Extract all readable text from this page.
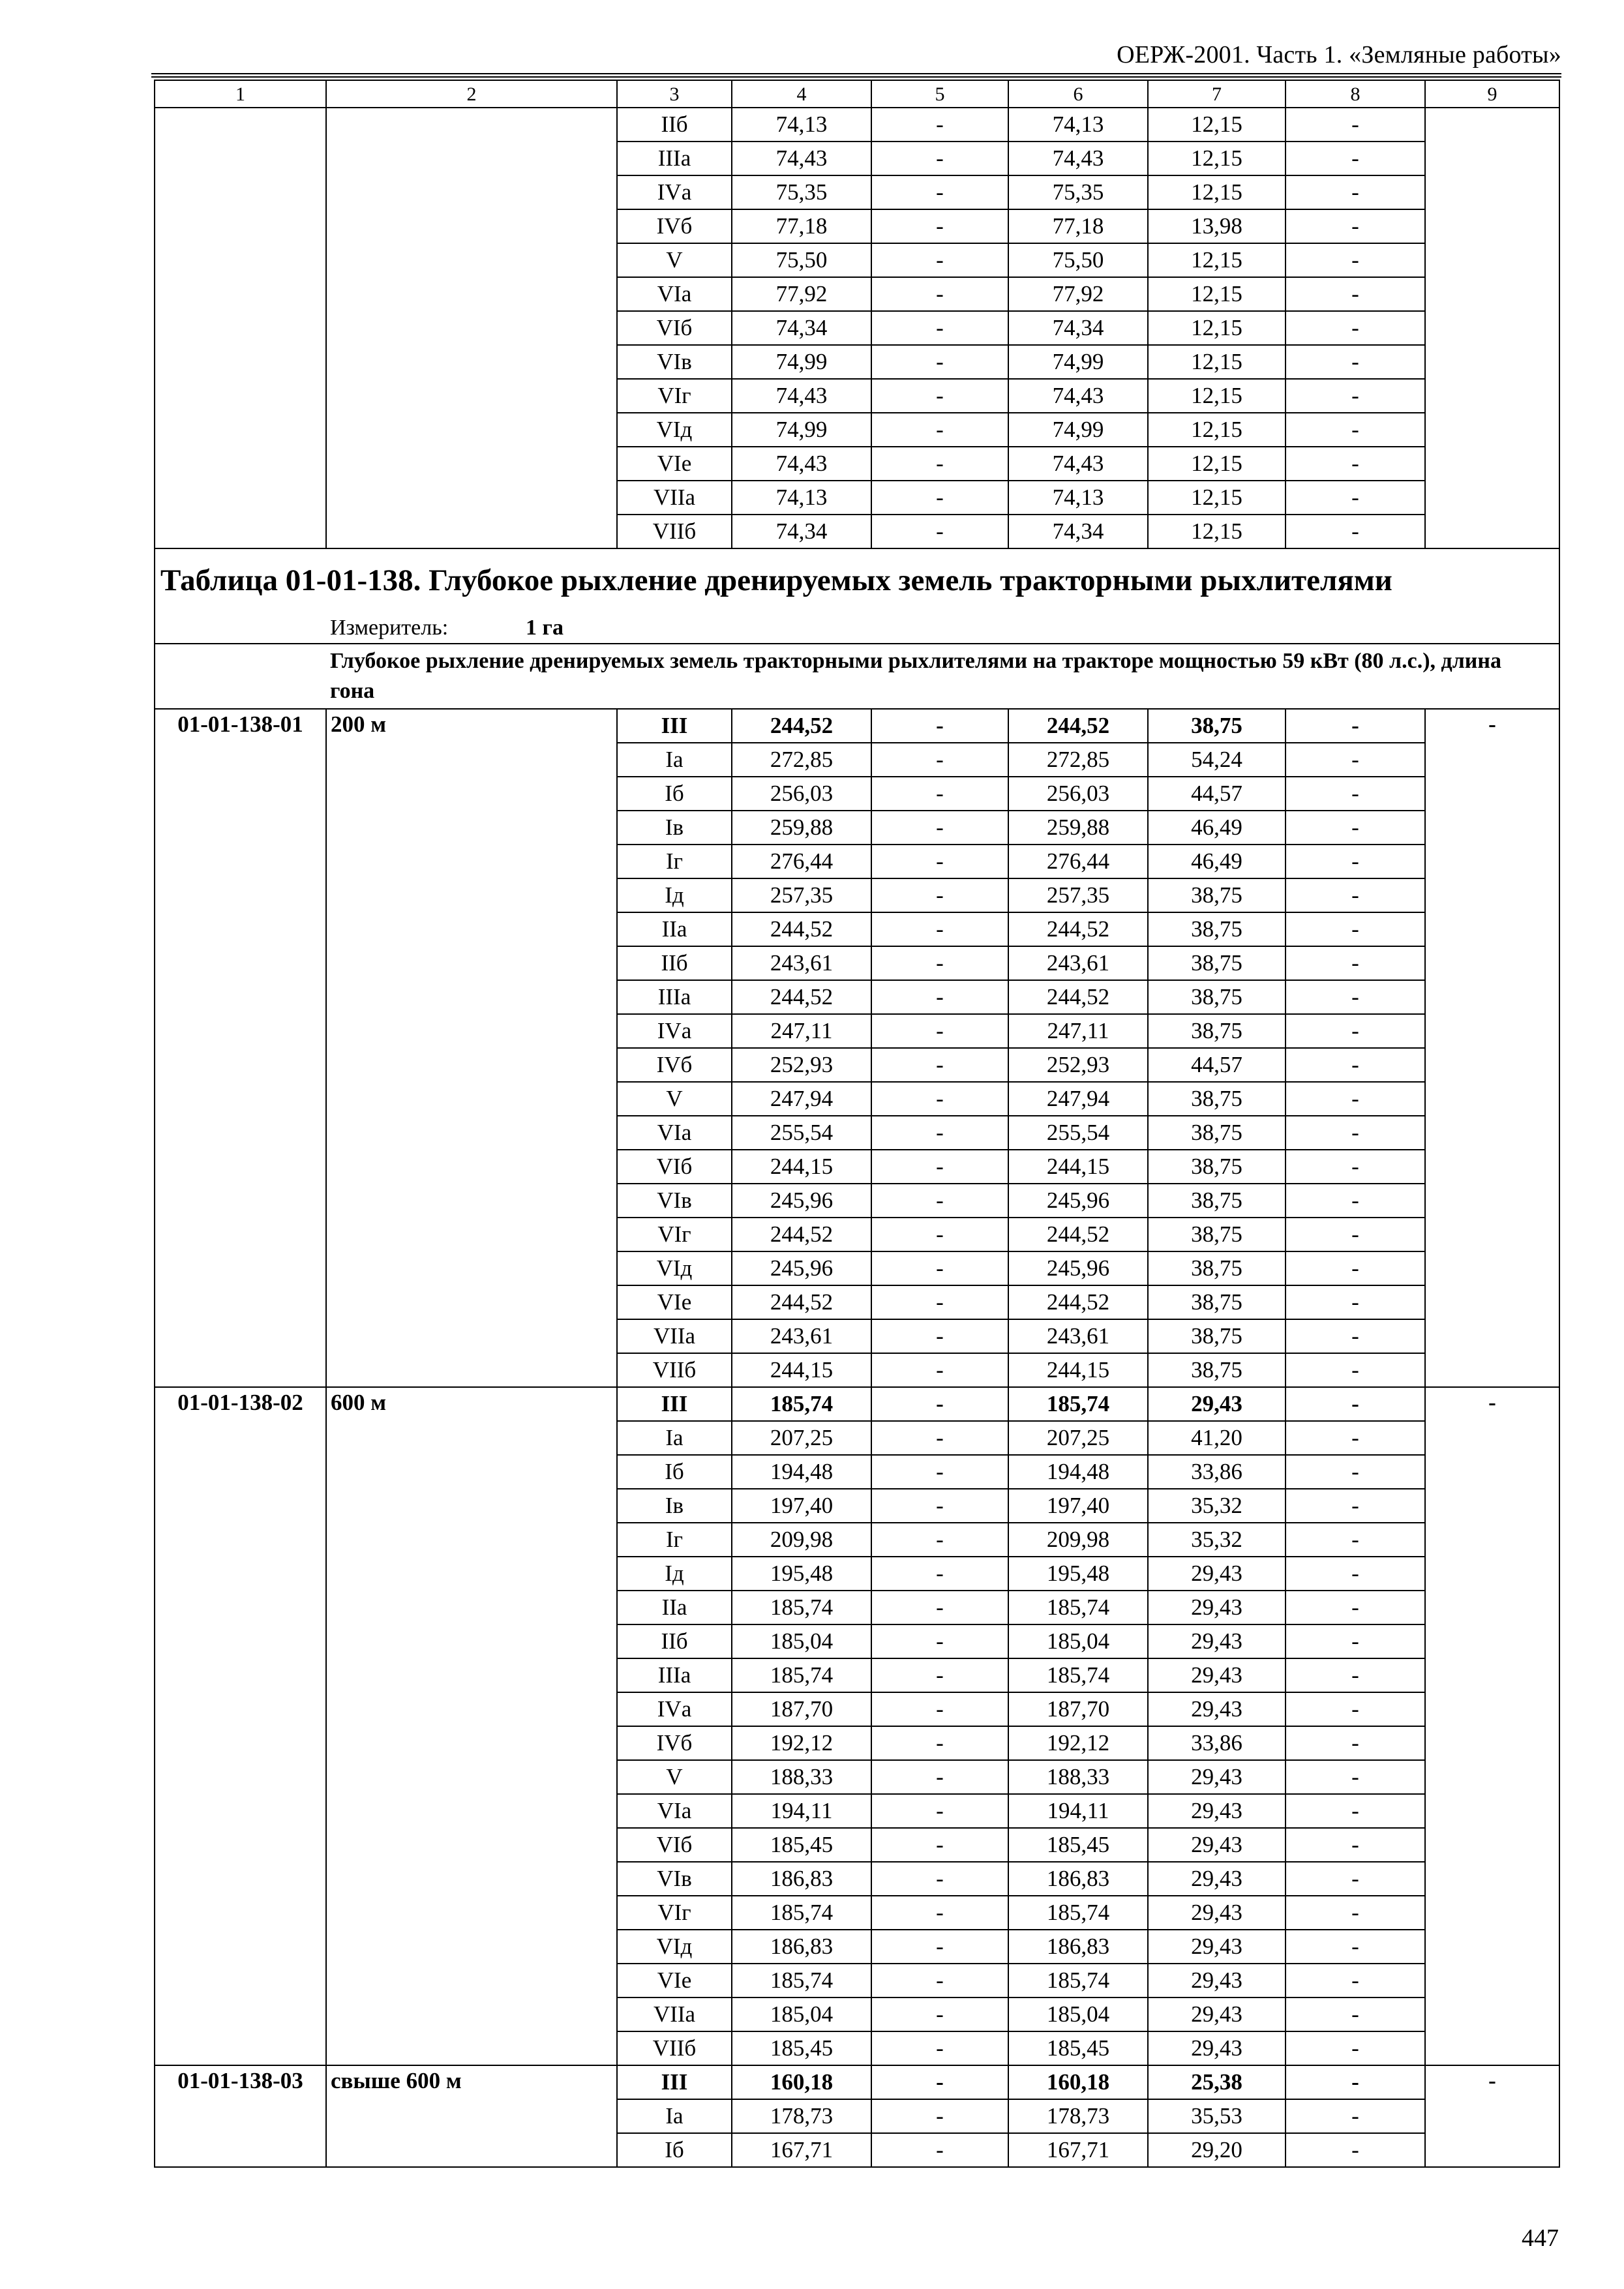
ОЕРЖ-2001. Часть 1. «Земляные работы»
1	2	3	4	5	6	7	8	9
		IIб	74,13	-	74,13	12,15	-	
		IIIа	74,43	-	74,43	12,15	-	
		IVа	75,35	-	75,35	12,15	-	
		IVб	77,18	-	77,18	13,98	-	
		V	75,50	-	75,50	12,15	-	
		VIа	77,92	-	77,92	12,15	-	
		VIб	74,34	-	74,34	12,15	-	
		VIв	74,99	-	74,99	12,15	-	
		VIг	74,43	-	74,43	12,15	-	
		VIд	74,99	-	74,99	12,15	-	
		VIе	74,43	-	74,43	12,15	-	
		VIIа	74,13	-	74,13	12,15	-	
		VIIб	74,34	-	74,34	12,15	-	
Таблица 01-01-138. Глубокое рыхление дренируемых земель тракторными рыхлителями								
Измеритель: 1 га								

Глубокое рыхление дренируемых земель тракторными рыхлителями на тракторе мощностью 59 кВт (80 л.с.), длина гона								

01-01-138-01	200 м	III	244,52	-	244,52	38,75	-	-
		Iа	272,85	-	272,85	54,24	-	
		Iб	256,03	-	256,03	44,57	-	
		Iв	259,88	-	259,88	46,49	-	
		Iг	276,44	-	276,44	46,49	-	
		Iд	257,35	-	257,35	38,75	-	
		IIа	244,52	-	244,52	38,75	-	
		IIб	243,61	-	243,61	38,75	-	
		IIIа	244,52	-	244,52	38,75	-	
		IVа	247,11	-	247,11	38,75	-	
		IVб	252,93	-	252,93	44,57	-	
		V	247,94	-	247,94	38,75	-	
		VIа	255,54	-	255,54	38,75	-	
		VIб	244,15	-	244,15	38,75	-	
		VIв	245,96	-	245,96	38,75	-	
		VIг	244,52	-	244,52	38,75	-	
		VIд	245,96	-	245,96	38,75	-	
		VIе	244,52	-	244,52	38,75	-	
		VIIа	243,61	-	243,61	38,75	-	
		VIIб	244,15	-	244,15	38,75	-	
01-01-138-02	600 м	III	185,74	-	185,74	29,43	-	-
		Iа	207,25	-	207,25	41,20	-	
		Iб	194,48	-	194,48	33,86	-	
		Iв	197,40	-	197,40	35,32	-	
		Iг	209,98	-	209,98	35,32	-	
		Iд	195,48	-	195,48	29,43	-	
		IIа	185,74	-	185,74	29,43	-	
		IIб	185,04	-	185,04	29,43	-	
		IIIа	185,74	-	185,74	29,43	-	
		IVа	187,70	-	187,70	29,43	-	
		IVб	192,12	-	192,12	33,86	-	
		V	188,33	-	188,33	29,43	-	
		VIа	194,11	-	194,11	29,43	-	
		VIб	185,45	-	185,45	29,43	-	
		VIв	186,83	-	186,83	29,43	-	
		VIг	185,74	-	185,74	29,43	-	
		VIд	186,83	-	186,83	29,43	-	
		VIе	185,74	-	185,74	29,43	-	
		VIIа	185,04	-	185,04	29,43	-	
		VIIб	185,45	-	185,45	29,43	-	
01-01-138-03	свыше 600 м	III	160,18	-	160,18	25,38	-	-
		Iа	178,73	-	178,73	35,53	-	
		Iб	167,71	-	167,71	29,20	-	
447
